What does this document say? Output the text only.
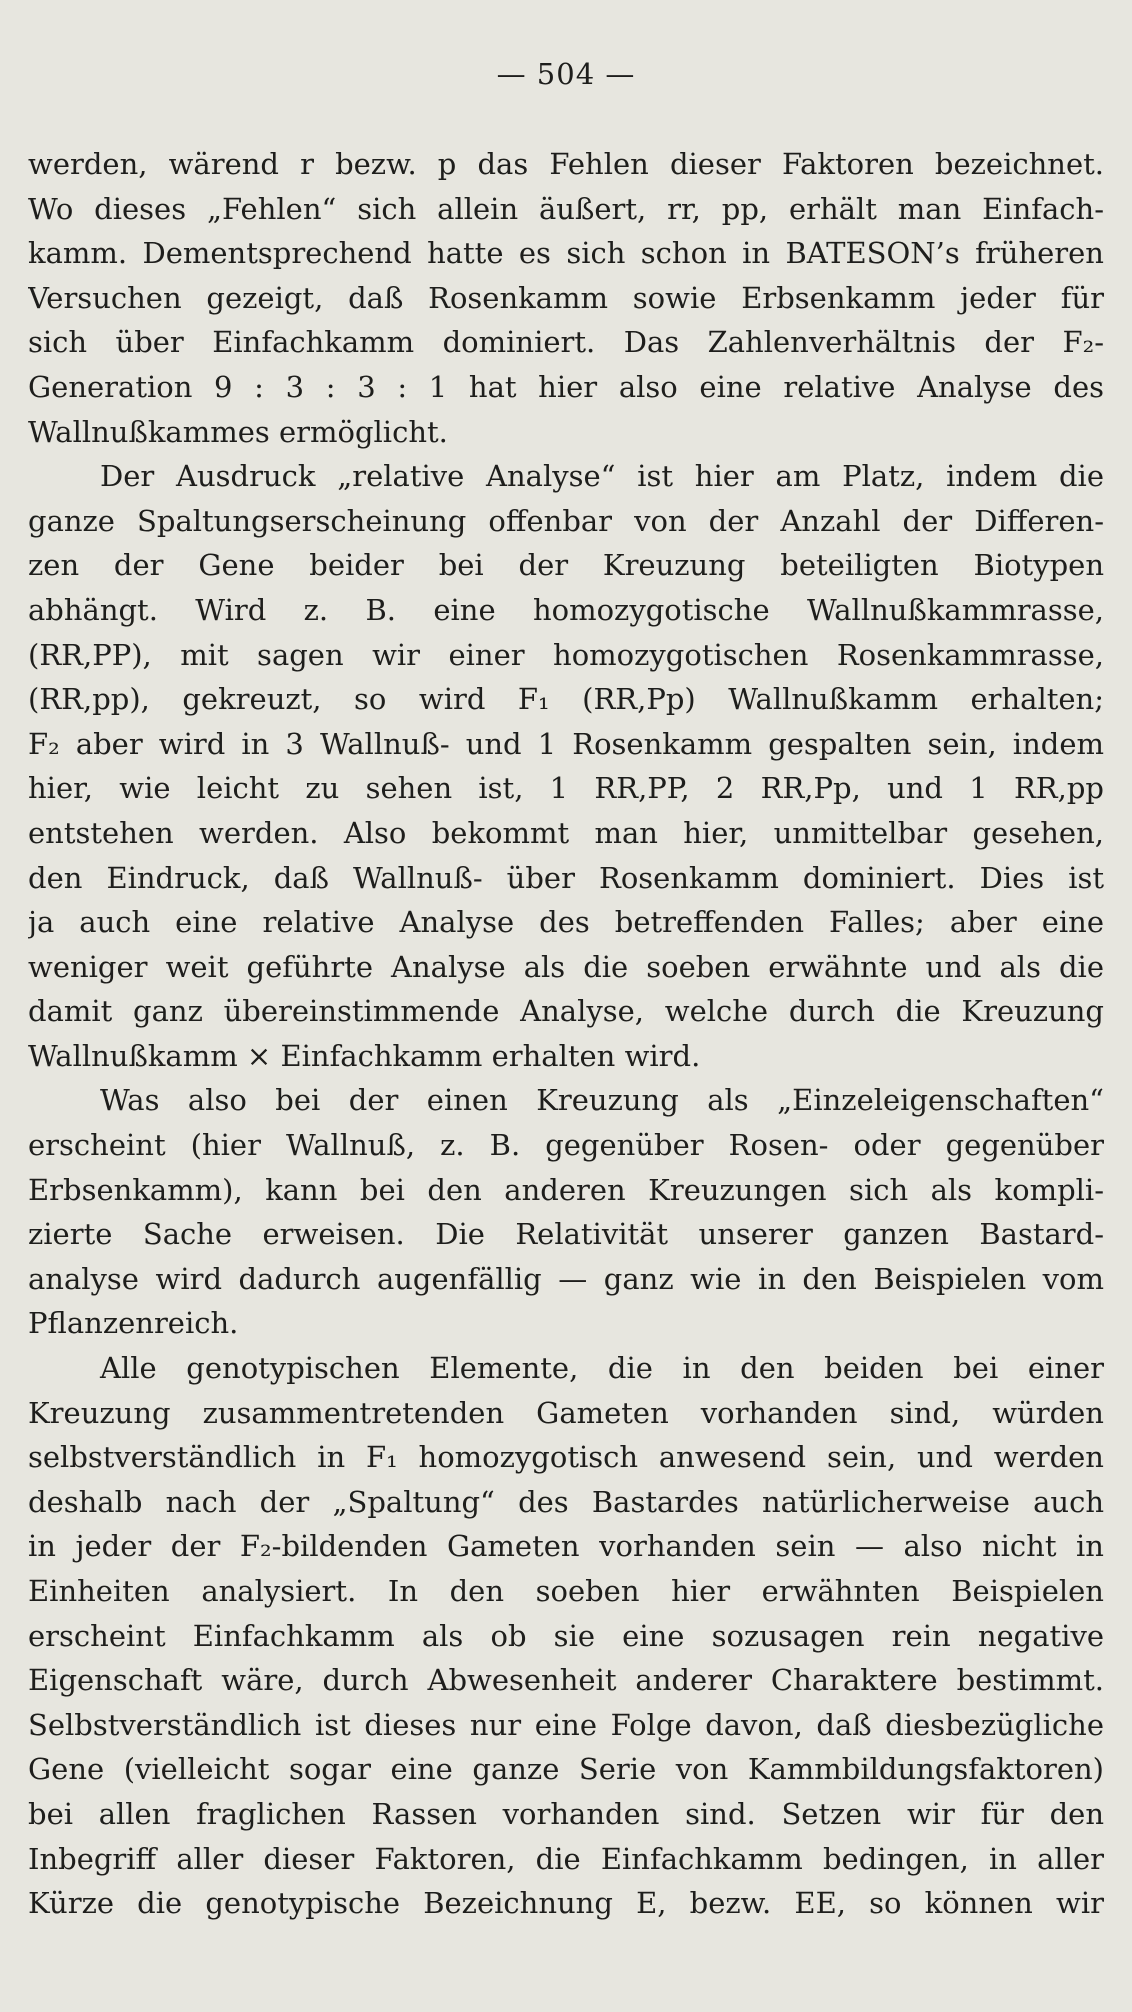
— 504 —
werden, wärend r bezw. p das Fehlen dieser Faktoren bezeichnet.
Wo dieses „Fehlen“ sich allein äußert, rr, pp, erhält man Einfach-
kamm. Dementsprechend hatte es sich schon in BATESON’s früheren
Versuchen gezeigt, daß Rosenkamm sowie Erbsenkamm jeder für
sich über Einfachkamm dominiert. Das Zahlenverhältnis der F₂-
Generation 9 : 3 : 3 : 1 hat hier also eine relative Analyse des
Wallnußkammes ermöglicht.
Der Ausdruck „relative Analyse“ ist hier am Platz, indem die
ganze Spaltungserscheinung offenbar von der Anzahl der Differen-
zen der Gene beider bei der Kreuzung beteiligten Biotypen
abhängt. Wird z. B. eine homozygotische Wallnußkammrasse,
(RR,PP), mit sagen wir einer homozygotischen Rosenkammrasse,
(RR,pp), gekreuzt, so wird F₁ (RR,Pp) Wallnußkamm erhalten;
F₂ aber wird in 3 Wallnuß- und 1 Rosenkamm gespalten sein, indem
hier, wie leicht zu sehen ist, 1 RR,PP, 2 RR,Pp, und 1 RR,pp
entstehen werden. Also bekommt man hier, unmittelbar gesehen,
den Eindruck, daß Wallnuß- über Rosenkamm dominiert. Dies ist
ja auch eine relative Analyse des betreffenden Falles; aber eine
weniger weit geführte Analyse als die soeben erwähnte und als die
damit ganz übereinstimmende Analyse, welche durch die Kreuzung
Wallnußkamm × Einfachkamm erhalten wird.
Was also bei der einen Kreuzung als „Einzeleigenschaften“
erscheint (hier Wallnuß, z. B. gegenüber Rosen- oder gegenüber
Erbsenkamm), kann bei den anderen Kreuzungen sich als kompli-
zierte Sache erweisen. Die Relativität unserer ganzen Bastard-
analyse wird dadurch augenfällig — ganz wie in den Beispielen vom
Pflanzenreich.
Alle genotypischen Elemente, die in den beiden bei einer
Kreuzung zusammentretenden Gameten vorhanden sind, würden
selbstverständlich in F₁ homozygotisch anwesend sein, und werden
deshalb nach der „Spaltung“ des Bastardes natürlicherweise auch
in jeder der F₂-bildenden Gameten vorhanden sein — also nicht in
Einheiten analysiert. In den soeben hier erwähnten Beispielen
erscheint Einfachkamm als ob sie eine sozusagen rein negative
Eigenschaft wäre, durch Abwesenheit anderer Charaktere bestimmt.
Selbstverständlich ist dieses nur eine Folge davon, daß diesbezügliche
Gene (vielleicht sogar eine ganze Serie von Kammbildungsfaktoren)
bei allen fraglichen Rassen vorhanden sind. Setzen wir für den
Inbegriff aller dieser Faktoren, die Einfachkamm bedingen, in aller
Kürze die genotypische Bezeichnung E, bezw. EE, so können wir
